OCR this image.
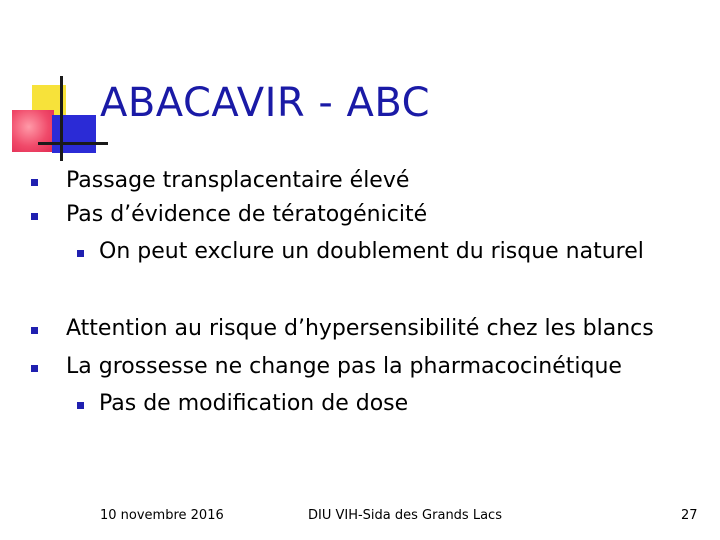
ABACAVIR - ABC
Passage transplacentaire élevé
Pas d’évidence de tératogénicité
On peut exclure un doublement du risque naturel
Attention au risque d’hypersensibilité chez les blancs
La grossesse ne change pas la pharmacocinétique
Pas de modification de dose
10 novembre 2016	DIU VIH-Sida des Grands Lacs	27
